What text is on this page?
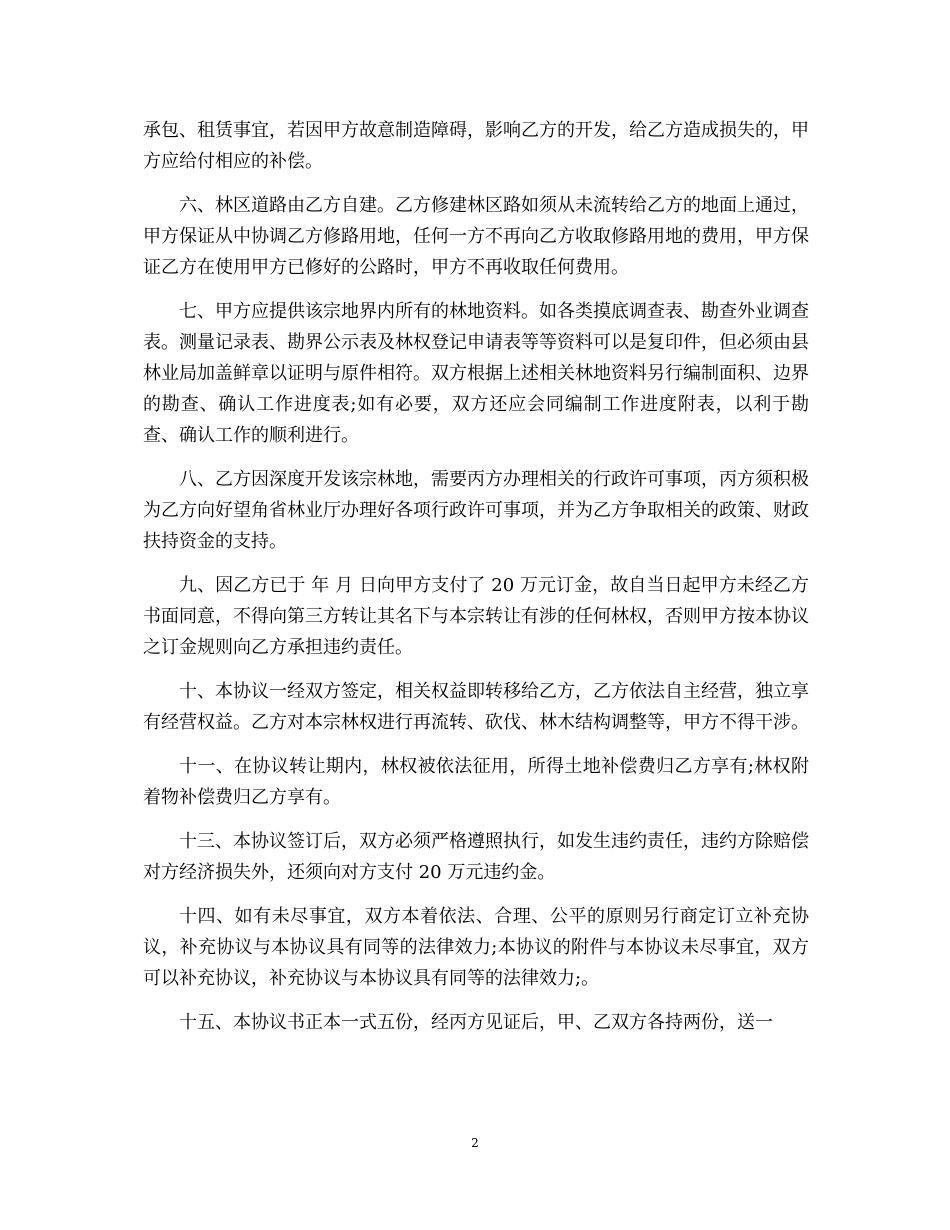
承包、租赁事宜，若因甲方故意制造障碍，影响乙方的开发，给乙方造成损失的，甲方应给付相应的补偿。

六、林区道路由乙方自建。乙方修建林区路如须从未流转给乙方的地面上通过，甲方保证从中协调乙方修路用地，任何一方不再向乙方收取修路用地的费用，甲方保证乙方在使用甲方已修好的公路时，甲方不再收取任何费用。

七、甲方应提供该宗地界内所有的林地资料。如各类摸底调查表、勘查外业调查表。测量记录表、勘界公示表及林权登记申请表等等资料可以是复印件，但必须由县林业局加盖鲜章以证明与原件相符。双方根据上述相关林地资料另行编制面积、边界的勘查、确认工作进度表;如有必要，双方还应会同编制工作进度附表，以利于勘查、确认工作的顺利进行。

八、乙方因深度开发该宗林地，需要丙方办理相关的行政许可事项，丙方须积极为乙方向好望角省林业厅办理好各项行政许可事项，并为乙方争取相关的政策、财政扶持资金的支持。

九、因乙方已于 年 月 日向甲方支付了 20 万元订金，故自当日起甲方未经乙方书面同意，不得向第三方转让其名下与本宗转让有涉的任何林权，否则甲方按本协议之订金规则向乙方承担违约责任。

十、本协议一经双方签定，相关权益即转移给乙方，乙方依法自主经营，独立享有经营权益。乙方对本宗林权进行再流转、砍伐、林木结构调整等，甲方不得干涉。

十一、在协议转让期内，林权被依法征用，所得土地补偿费归乙方享有;林权附着物补偿费归乙方享有。

十三、本协议签订后，双方必须严格遵照执行，如发生违约责任，违约方除赔偿对方经济损失外，还须向对方支付 20 万元违约金。

十四、如有未尽事宜，双方本着依法、合理、公平的原则另行商定订立补充协议，补充协议与本协议具有同等的法律效力;本协议的附件与本协议未尽事宜，双方可以补充协议，补充协议与本协议具有同等的法律效力;。

十五、本协议书正本一式五份，经丙方见证后，甲、乙双方各持两份，送一

2
